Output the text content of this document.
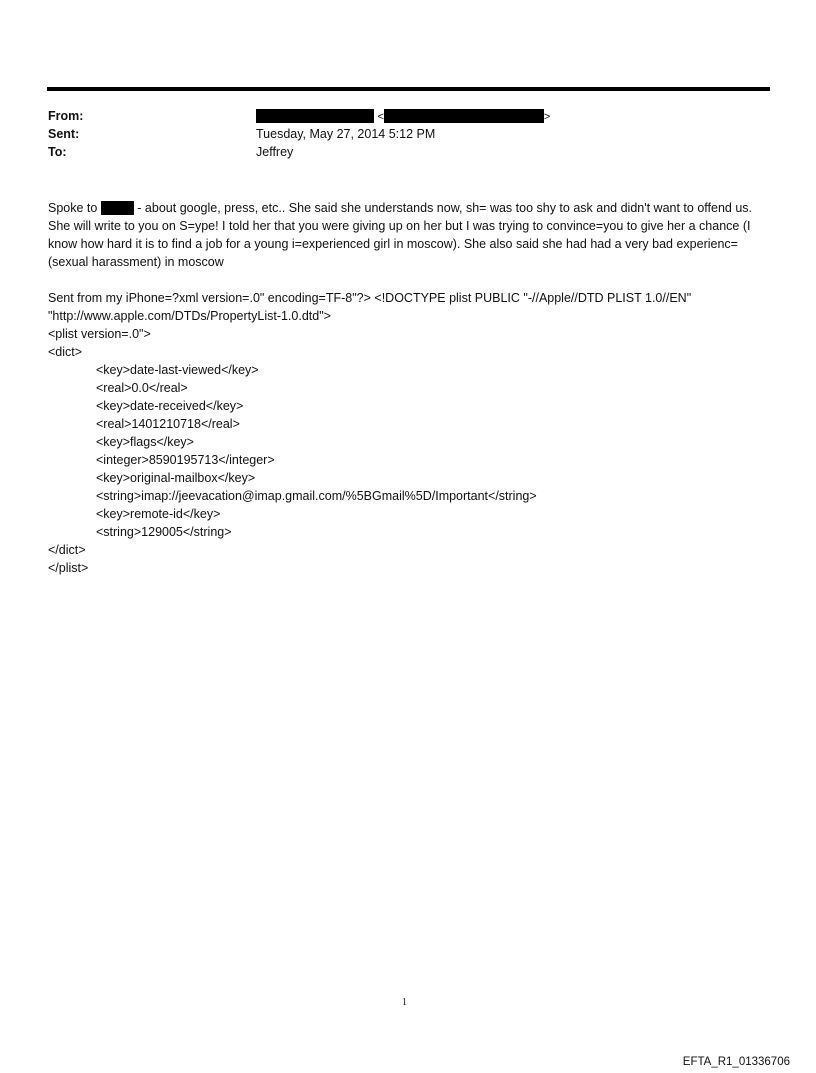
From:	<	>
Sent:	Tuesday, May 27, 2014 5:12 PM
To:	Jeffrey

Spoke to	- about google, press, etc.. She said she understands now, sh= was too shy to ask and didn't want to offend us. She will write to you on S=ype! I told her that you were giving up on her but I was trying to convince=you to give her a chance (I know how hard it is to find a job for a young i=experienced girl in moscow). She also said she had had a very bad experienc= (sexual harassment) in moscow

Sent from my iPhone=?xml version=.0" encoding=TF-8"?> <!DOCTYPE plist PUBLIC "-//Apple//DTD PLIST 1.0//EN"
"http://www.apple.com/DTDs/PropertyList-1.0.dtd">
<plist version=.0">
<dict>
<key>date-last-viewed</key>
<real>0.0</real>
<key>date-received</key>
<real>1401210718</real>
<key>flags</key>
<integer>8590195713</integer>
<key>original-mailbox</key>
<string>imap://jeevacation@imap.gmail.com/%5BGmail%5D/Important</string>
<key>remote-id</key>
<string>129005</string>
</dict>
</plist>
1
EFTA_R1_01336706
